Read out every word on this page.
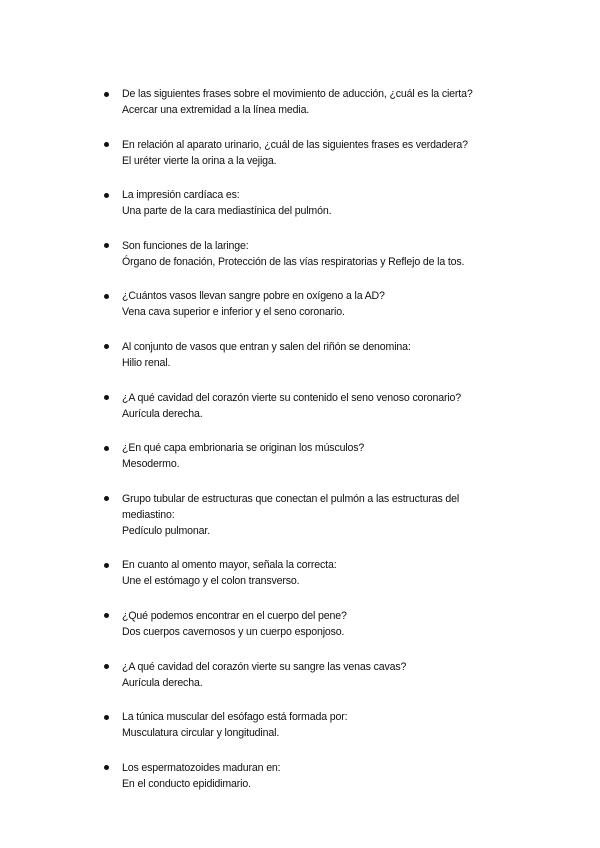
De las siguientes frases sobre el movimiento de aducción, ¿cuál es la cierta?
Acercar una extremidad a la línea media.
En relación al aparato urinario, ¿cuál de las siguientes frases es verdadera?
El uréter vierte la orina a la vejiga.
La impresión cardíaca es:
Una parte de la cara mediastínica del pulmón.
Son funciones de la laringe:
Órgano de fonación, Protección de las vías respiratorias y Reflejo de la tos.
¿Cuántos vasos llevan sangre pobre en oxígeno a la AD?
Vena cava superior e inferior y el seno coronario.
Al conjunto de vasos que entran y salen del riñón se denomina:
Hilio renal.
¿A qué cavidad del corazón vierte su contenido el seno venoso coronario?
Aurícula derecha.
¿En qué capa embrionaria se originan los músculos?
Mesodermo.
Grupo tubular de estructuras que conectan el pulmón a las estructuras del mediastino:
Pedículo pulmonar.
En cuanto al omento mayor, señala la correcta:
Une el estómago y el colon transverso.
¿Qué podemos encontrar en el cuerpo del pene?
Dos cuerpos cavernosos y un cuerpo esponjoso.
¿A qué cavidad del corazón vierte su sangre las venas cavas?
Aurícula derecha.
La túnica muscular del esófago está formada por:
Musculatura circular y longitudinal.
Los espermatozoides maduran en:
En el conducto epididimario.
